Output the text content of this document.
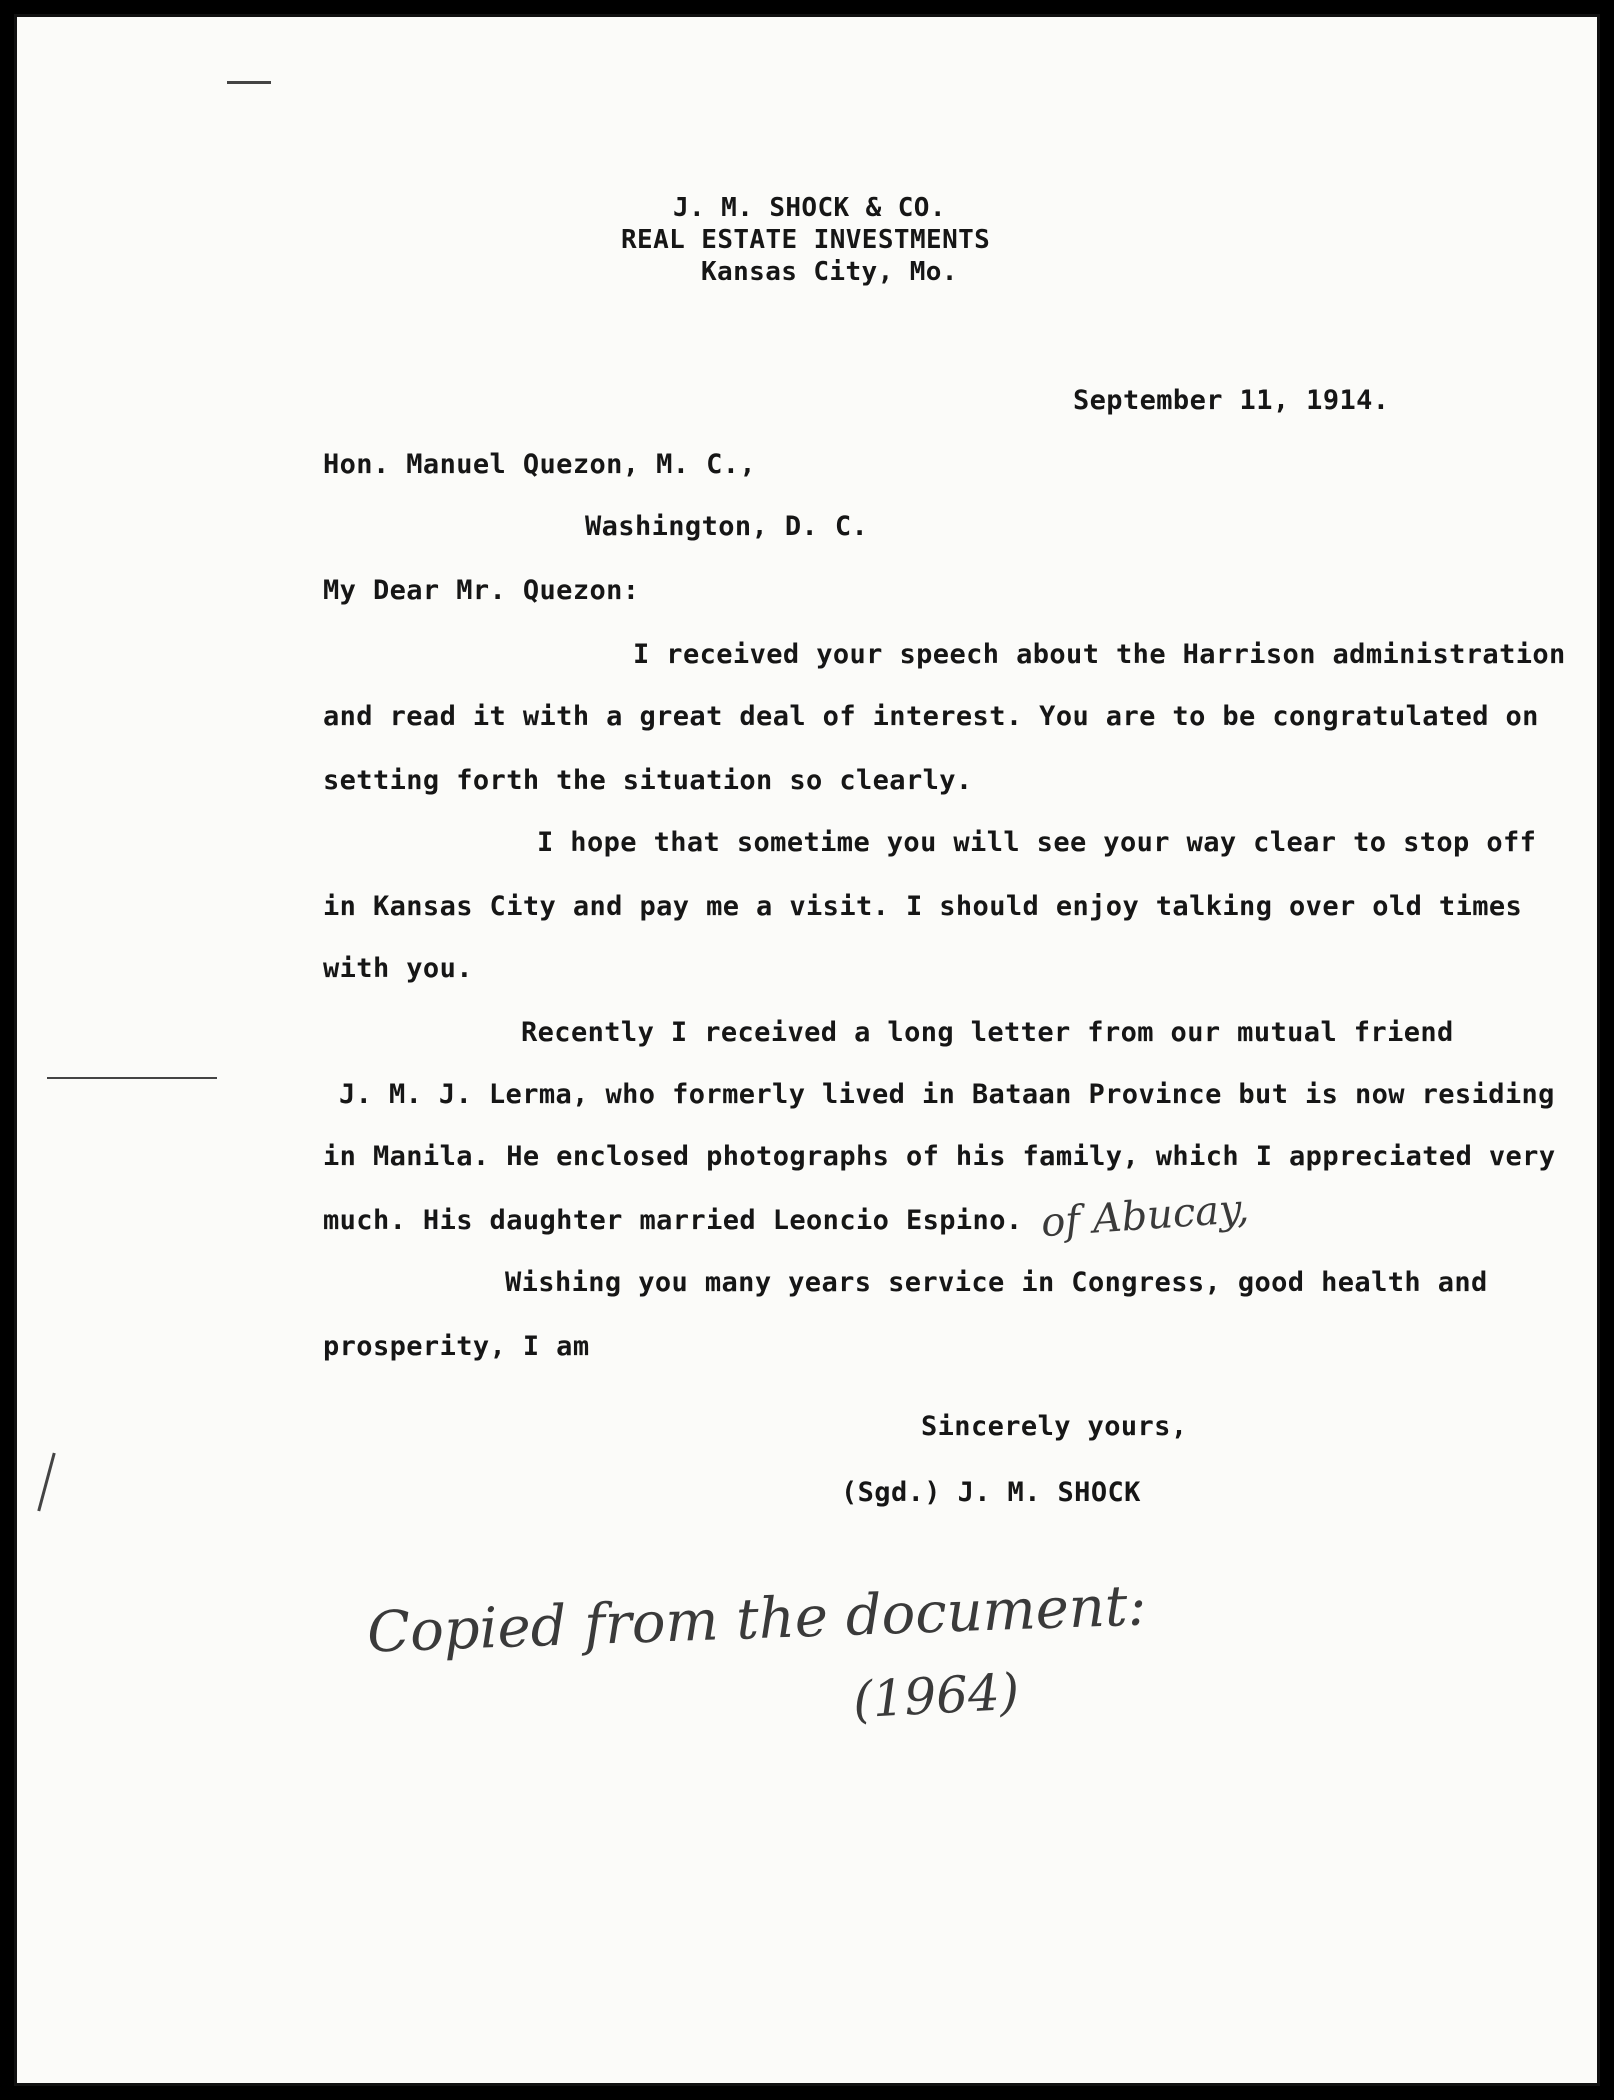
J. M. SHOCK & CO.
REAL ESTATE INVESTMENTS
Kansas City, Mo.
September 11, 1914.
Hon. Manuel Quezon, M. C.,
Washington, D. C.
My Dear Mr. Quezon:
I received your speech about the Harrison administration
and read it with a great deal of interest. You are to be congratulated on
setting forth the situation so clearly.
I hope that sometime you will see your way clear to stop off
in Kansas City and pay me a visit. I should enjoy talking over old times
with you.
Recently I received a long letter from our mutual friend
J. M. J. Lerma, who formerly lived in Bataan Province but is now residing
in Manila. He enclosed photographs of his family, which I appreciated very
much. His daughter married Leoncio Espino.
Wishing you many years service in Congress, good health and
prosperity, I am
of Abucay,
Sincerely yours,
(Sgd.) J. M. SHOCK
Copied from the document:
(1964)
